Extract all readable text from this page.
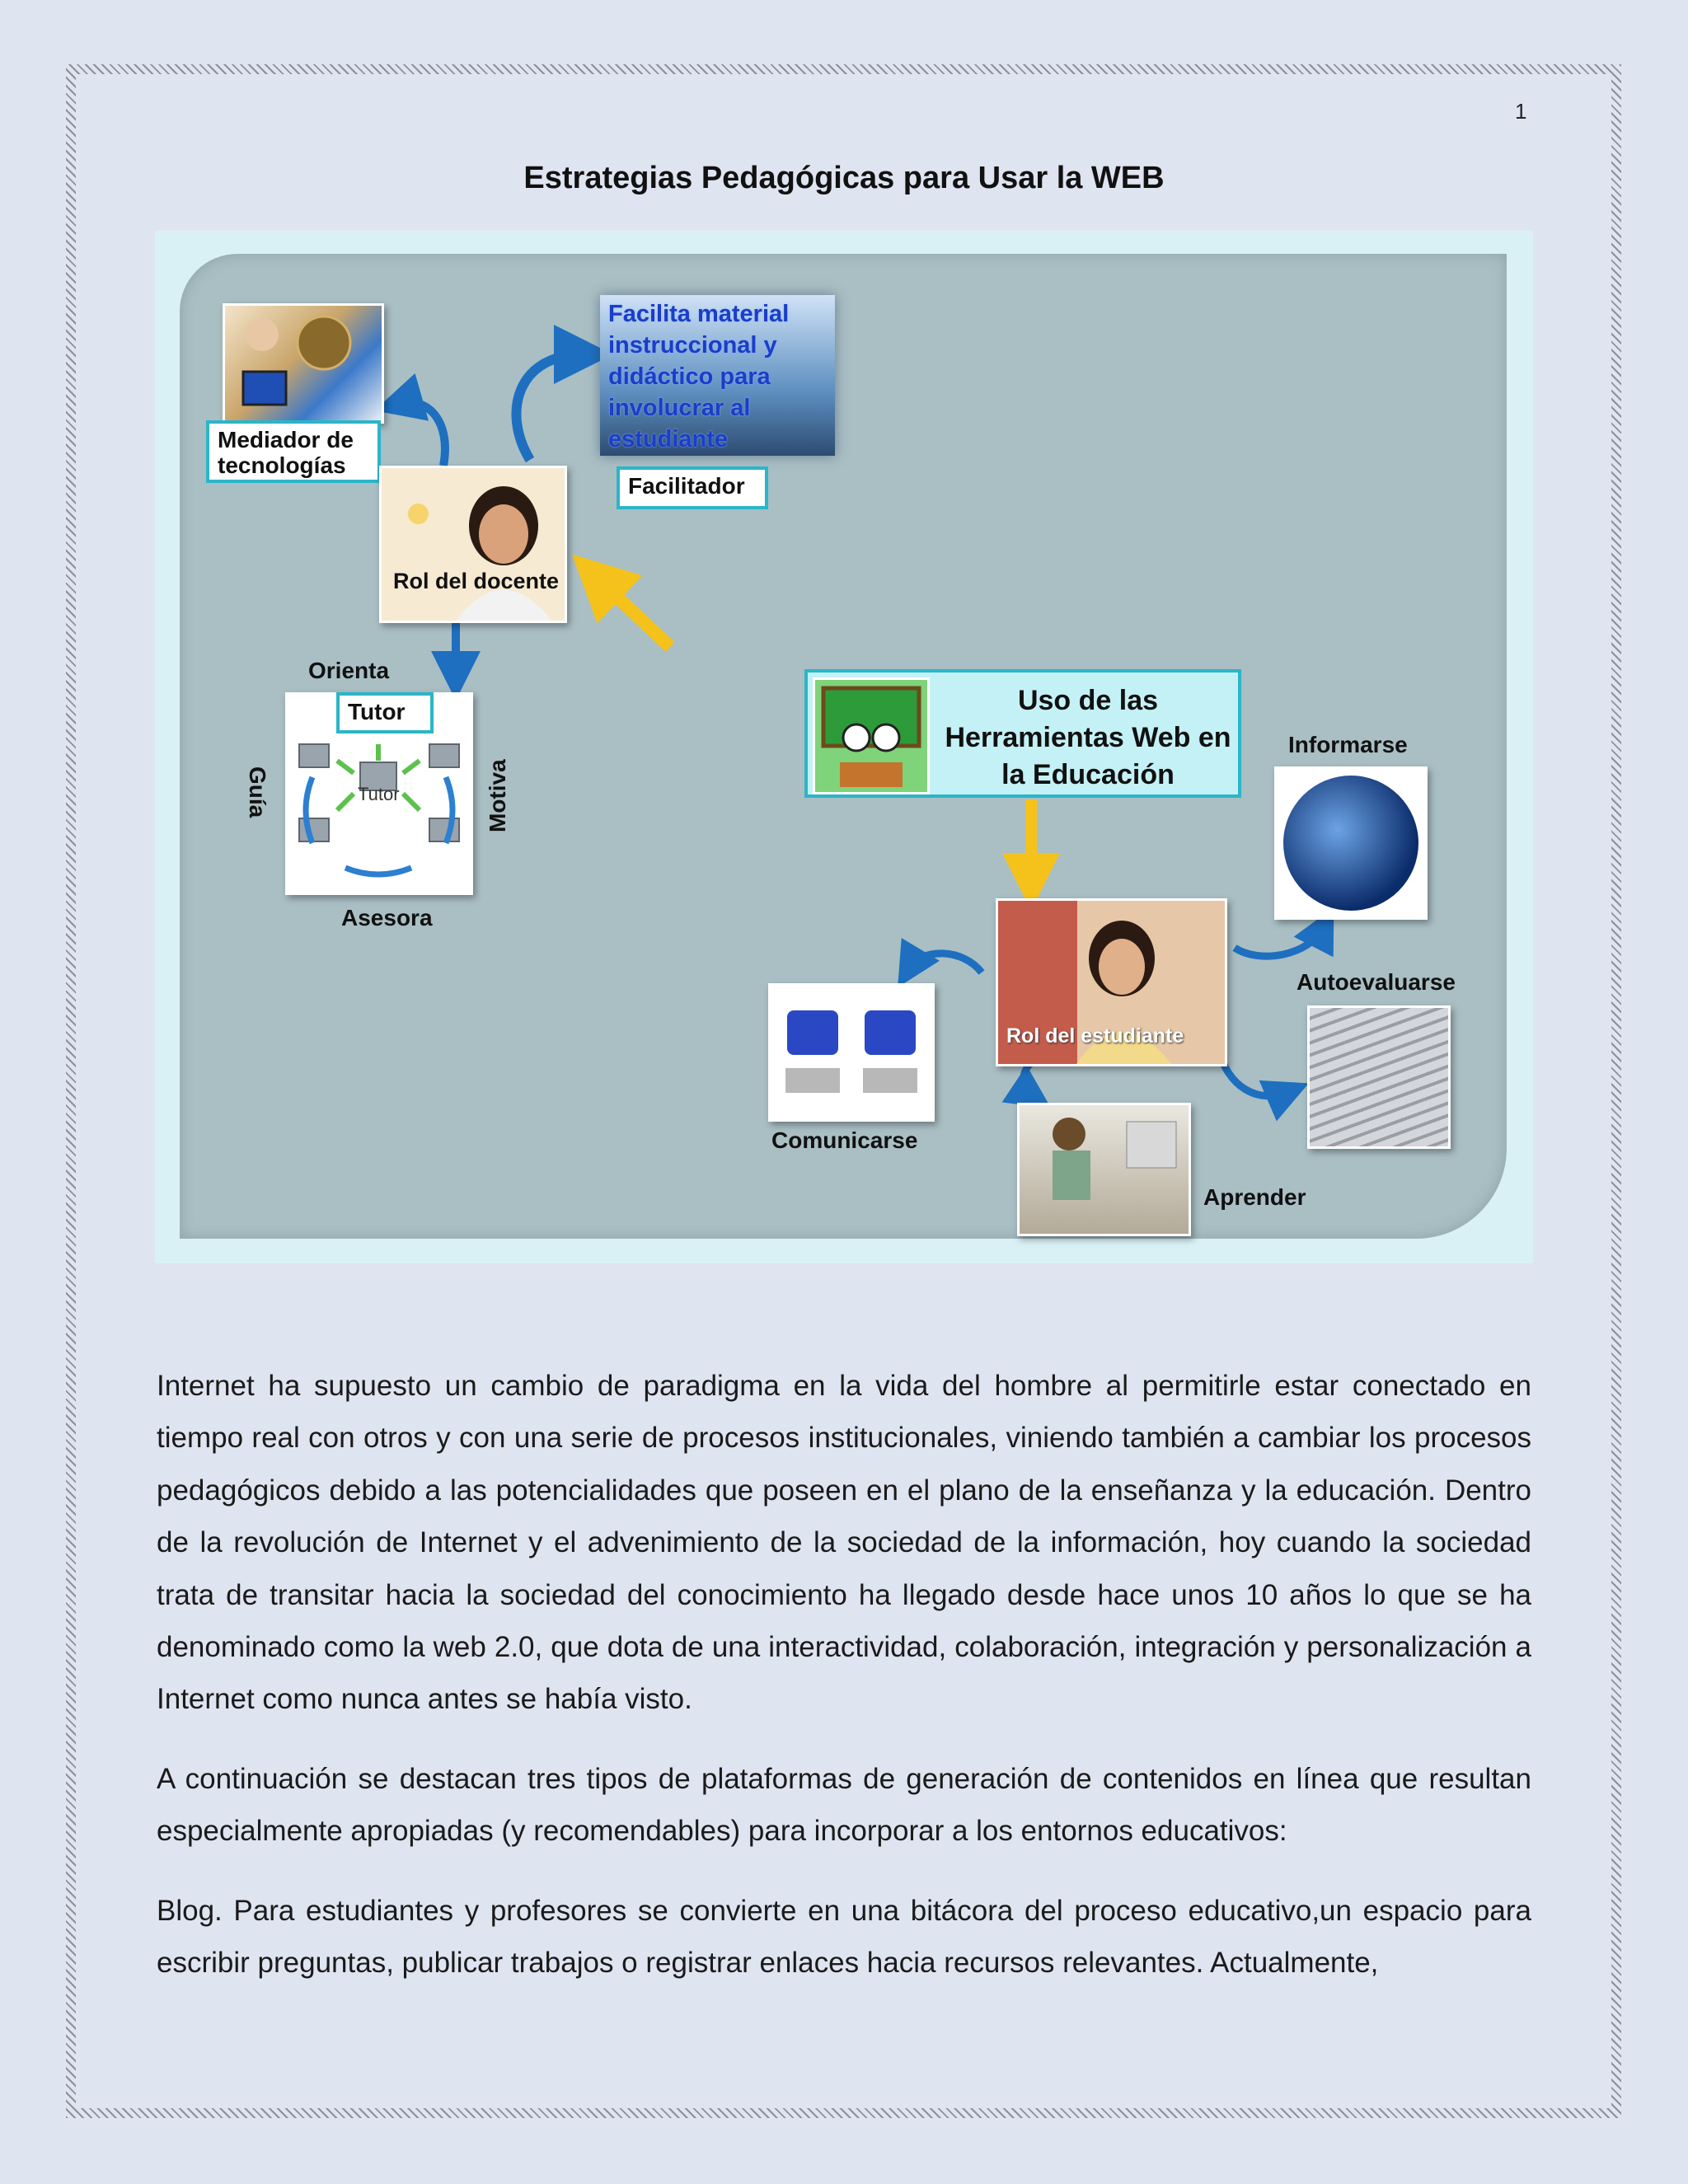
1
Estrategias Pedagógicas para Usar la WEB
Mediador de tecnologías
Facilita material instruccional y didáctico para involucrar al estudiante
Facilitador
Rol del docente
Orienta
Tutor
Tutor
Guía	Motiva
Asesora
Uso de las Herramientas Web en la Educación
Rol del estudiante
Informarse
Autoevaluarse
Comunicarse
Aprender

Internet ha supuesto un cambio de paradigma en la vida del hombre al permitirle estar conectado en tiempo real con otros y con una serie de procesos institucionales, viniendo también a cambiar los procesos pedagógicos debido a las potencialidades que poseen en el plano de la enseñanza y la educación. Dentro de la revolución de Internet y el advenimiento de la sociedad de la información, hoy cuando la sociedad trata de transitar hacia la sociedad del conocimiento ha llegado desde hace unos 10 años lo que se ha denominado como la web 2.0, que dota de una interactividad, colaboración, integración y personalización a Internet como nunca antes se había visto.

A continuación se destacan tres tipos de plataformas de generación de contenidos en línea que resultan especialmente apropiadas (y recomendables) para incorporar a los entornos educativos:

Blog. Para estudiantes y profesores se convierte en una bitácora del proceso educativo,un espacio para escribir preguntas, publicar trabajos o registrar enlaces hacia recursos relevantes. Actualmente,
